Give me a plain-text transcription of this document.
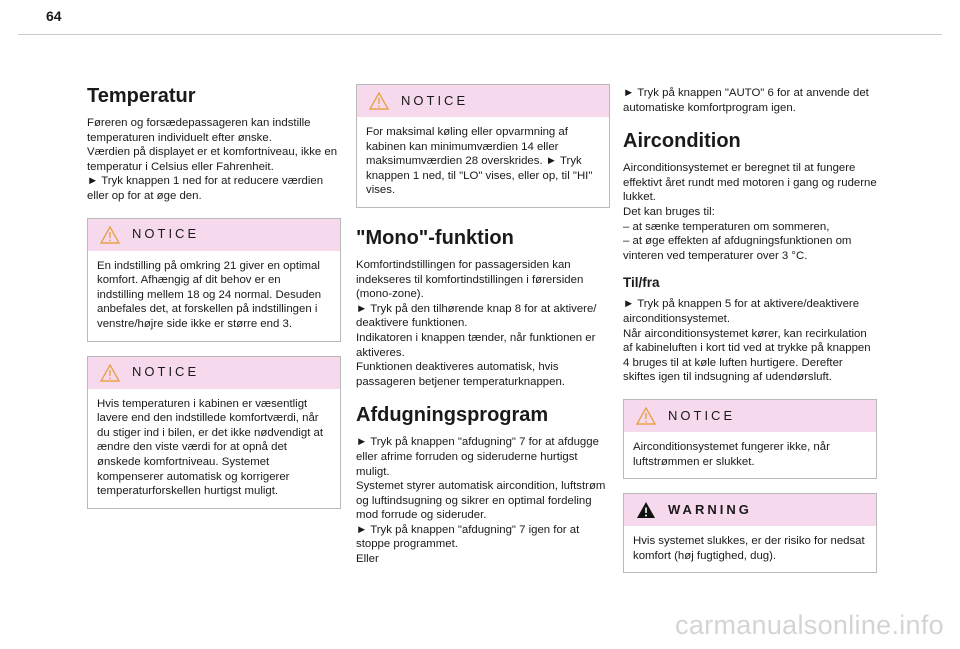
64
Temperatur

Føreren og forsædepassageren kan indstille temperaturen individuelt efter ønske.

Værdien på displayet er et komfortniveau, ikke en temperatur i Celsius eller Fahrenheit.

► Tryk knappen 1 ned for at reducere værdien eller op for at øge den.

NOTICE
En indstilling på omkring 21 giver en optimal komfort. Afhængig af dit behov er en indstilling mellem 18 og 24 normal. Desuden anbefales det, at forskellen på indstillingen i venstre/højre side ikke er større end 3.
NOTICE
Hvis temperaturen i kabinen er væsentligt lavere end den indstillede komfortværdi, når du stiger ind i bilen, er det ikke nødvendigt at ændre den viste værdi for at opnå det ønskede komfortniveau. Systemet kompenserer automatisk og korrigerer temperaturforskellen hurtigst muligt.
NOTICE
For maksimal køling eller opvarmning af kabinen kan minimumværdien 14 eller maksimumværdien 28 overskrides. ► Tryk knappen 1 ned, til "LO" vises, eller op, til "HI" vises.
"Mono"-funktion

Komfortindstillingen for passagersiden kan indekseres til komfortindstillingen i førersiden (mono-zone).

► Tryk på den tilhørende knap 8 for at aktivere/ deaktivere funktionen.

Indikatoren i knappen tænder, når funktionen er aktiveres.

Funktionen deaktiveres automatisk, hvis passageren betjener temperaturknappen.

Afdugningsprogram

► Tryk på knappen "afdugning" 7 for at afdugge eller afrime forruden og sideruderne hurtigst muligt.

Systemet styrer automatisk aircondition, luftstrøm og luftindsugning og sikrer en optimal fordeling mod forrude og sideruder.

► Tryk på knappen "afdugning" 7 igen for at stoppe programmet.

Eller

► Tryk på knappen "AUTO" 6 for at anvende det automatiske komfortprogram igen.

Aircondition

Airconditionsystemet er beregnet til at fungere effektivt året rundt med motoren i gang og ruderne lukket.

Det kan bruges til:

– at sænke temperaturen om sommeren,

– at øge effekten af afdugningsfunktionen om vinteren ved temperaturer over 3 °C.

Til/fra

► Tryk på knappen 5 for at aktivere/deaktivere airconditionsystemet.

Når airconditionsystemet kører, kan recirkulation af kabineluften i kort tid ved at trykke på knappen 4 bruges til at køle luften hurtigere. Derefter skiftes igen til indsugning af udendørsluft.

NOTICE
Airconditionsystemet fungerer ikke, når luftstrømmen er slukket.
WARNING
Hvis systemet slukkes, er der risiko for nedsat komfort (høj fugtighed, dug).
carmanualsonline.info
